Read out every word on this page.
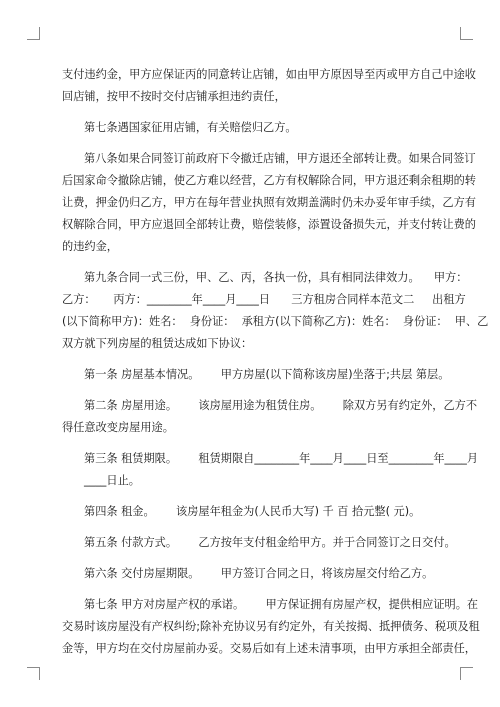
支付违约金，甲方应保证丙的同意转让店铺，如由甲方原因导至丙或甲方自己中途收
回店铺，按甲不按时交付店铺承担违约责任，
第七条遇国家征用店铺，有关赔偿归乙方。
第八条如果合同签订前政府下令撤迁店铺，甲方退还全部转让费。如果合同签订
后国家命令撤除店铺，使乙方难以经营，乙方有权解除合同，甲方退还剩余租期的转
让费，押金仍归乙方，甲方在每年营业执照有效期盖满时仍未办妥年审手续，乙方有
权解除合同，甲方应退回全部转让费，赔偿装修，添置设备损失元，并支付转让费的
的违约金，
第九条合同一式三份，甲、乙、丙，各执一份，具有相同法律效力。    甲方：
乙方：     丙方：________年____月____日      三方租房合同样本范文二     出租方
(以下简称甲方)：姓名：  身份证：  承租方(以下简称乙方)：姓名：  身份证：  甲、乙
双方就下列房屋的租赁达成如下协议：
第一条 房屋基本情况。      甲方房屋(以下简称该房屋)坐落于;共层 第层。
第二条 房屋用途。      该房屋用途为租赁住房。      除双方另有约定外，乙方不
得任意改变房屋用途。
第三条 租赁期限。      租赁期限自________年____月____日至________年____月
____日止。
第四条 租金。      该房屋年租金为(人民币大写) 千 百 拾元整( 元)。
第五条 付款方式。      乙方按年支付租金给甲方。并于合同签订之日交付。
第六条 交付房屋期限。      甲方签订合同之日，将该房屋交付给乙方。
第七条 甲方对房屋产权的承诺。      甲方保证拥有房屋产权，提供相应证明。在
交易时该房屋没有产权纠纷;除补充协议另有约定外，有关按揭、抵押债务、税项及租
金等，甲方均在交付房屋前办妥。交易后如有上述未清事项，由甲方承担全部责任，
